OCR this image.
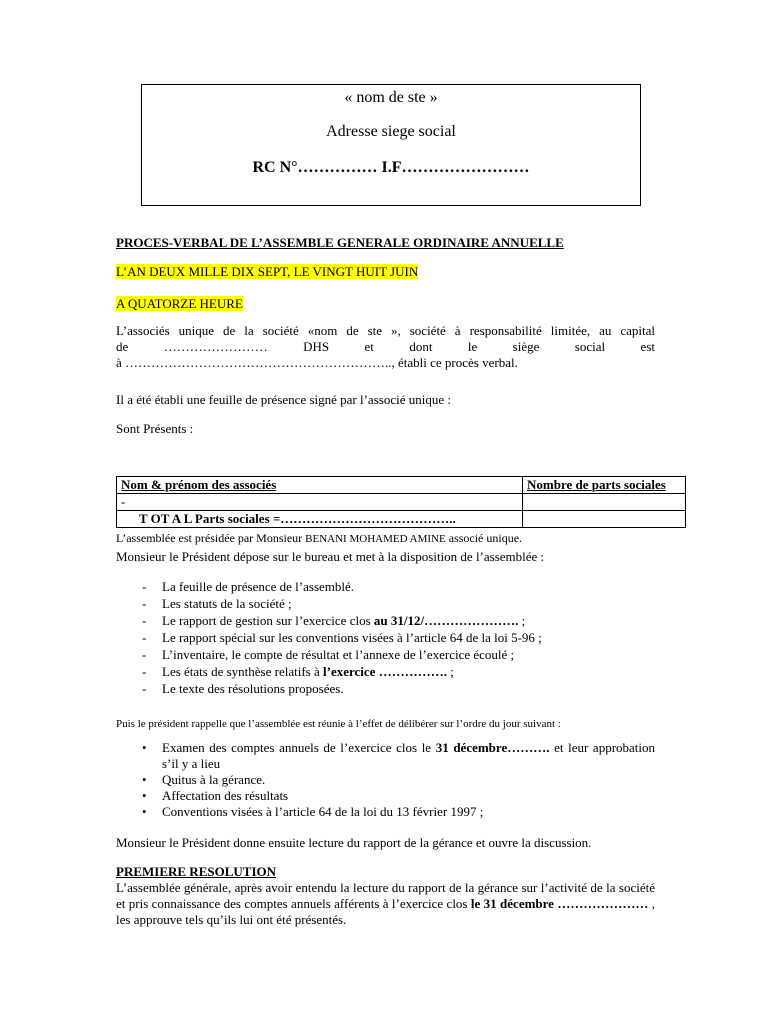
« nom de ste »
Adresse siege social
RC N°…………… I.F……………………
PROCES-VERBAL DE L’ASSEMBLE GENERALE ORDINAIRE ANNUELLE
L’AN DEUX MILLE DIX SEPT, LE VINGT HUIT JUIN
A QUATORZE HEURE
L’associés unique de la société «nom de ste », société à responsabilité limitée, au capital
de …………………… DHS et dont le siège social est
à …………………………………………………….., établi ce procès verbal.
Il a été établi une feuille de présence signé par l’associé unique :
Sont Présents :
Nom & prénom des associés	Nombre de parts sociales
-	
T OT A L Parts sociales =…………………………………..	
L’assemblée est présidée par Monsieur BENANI MOHAMED AMINE associé unique.
Monsieur le Président dépose sur le bureau et met à la disposition de l’assemblée :
- La feuille de présence de l’assemblé.
- Les statuts de la société ;
- Le rapport de gestion sur l’exercice clos au 31/12/…………………. ;
- Le rapport spécial sur les conventions visées à l’article 64 de la loi 5-96 ;
- L’inventaire, le compte de résultat et l’annexe de l’exercice écoulé ;
- Les états de synthèse relatifs à l’exercice ……………. ;
- Le texte des résolutions proposées.
Puis le président rappelle que l’assemblée est réunie à l’effet de délibérer sur l’ordre du jour suivant :
• Examen des comptes annuels de l’exercice clos le 31 décembre………. et leur approbation s’il y a lieu
• Quitus à la gérance.
• Affectation des résultats
• Conventions visées à l’article 64 de la loi du 13 février 1997 ;
Monsieur le Président donne ensuite lecture du rapport de la gérance et ouvre la discussion.
PREMIERE RESOLUTION
L’assemblée générale, après avoir entendu la lecture du rapport de la gérance sur l’activité de la société et pris connaissance des comptes annuels afférents à l’exercice clos le 31 décembre ………………… , les approuve tels qu’ils lui ont été présentés.
